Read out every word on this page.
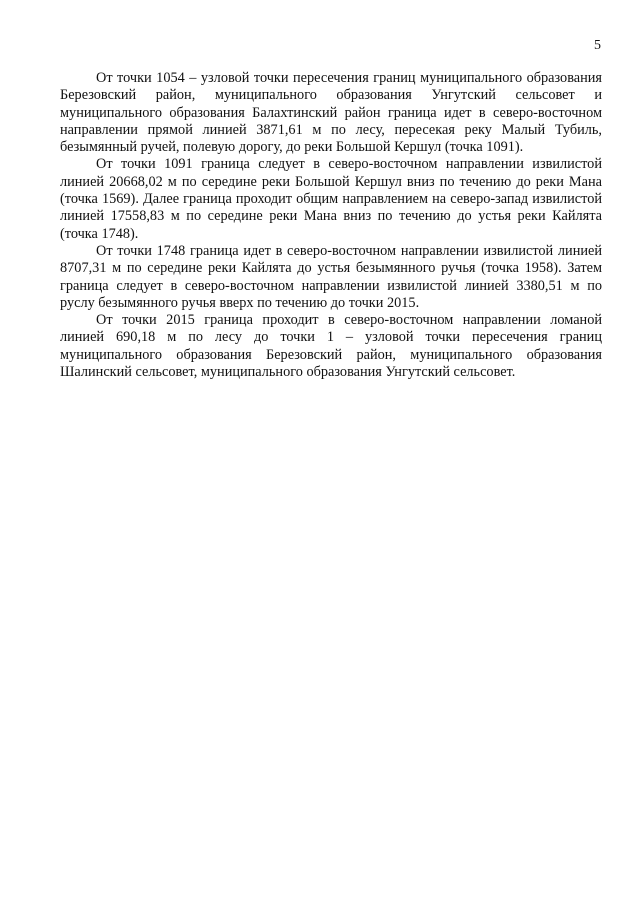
5

От точки 1054 – узловой точки пересечения границ муниципального образования Березовский район, муниципального образования Унгутский сельсовет и муниципального образования Балахтинский район граница идет в северо-восточном направлении прямой линией 3871,61 м по лесу, пересекая реку Малый Тубиль, безымянный ручей, полевую дорогу, до реки Большой Кершул (точка 1091).

От точки 1091 граница следует в северо-восточном направлении извилистой линией 20668,02 м по середине реки Большой Кершул вниз по течению до реки Мана (точка 1569). Далее граница проходит общим направлением на северо-запад извилистой линией 17558,83 м по середине реки Мана вниз по течению до устья реки Кайлята (точка 1748).

От точки 1748 граница идет в северо-восточном направлении извилистой линией 8707,31 м по середине реки Кайлята до устья безымянного ручья (точка 1958). Затем граница следует в северо-восточном направлении извилистой линией 3380,51 м по руслу безымянного ручья вверх по течению до точки 2015.

От точки 2015 граница проходит в северо-восточном направлении ломаной линией 690,18 м по лесу до точки 1 – узловой точки пересечения границ муниципального образования Березовский район, муниципального образования Шалинский сельсовет, муниципального образования Унгутский сельсовет.
